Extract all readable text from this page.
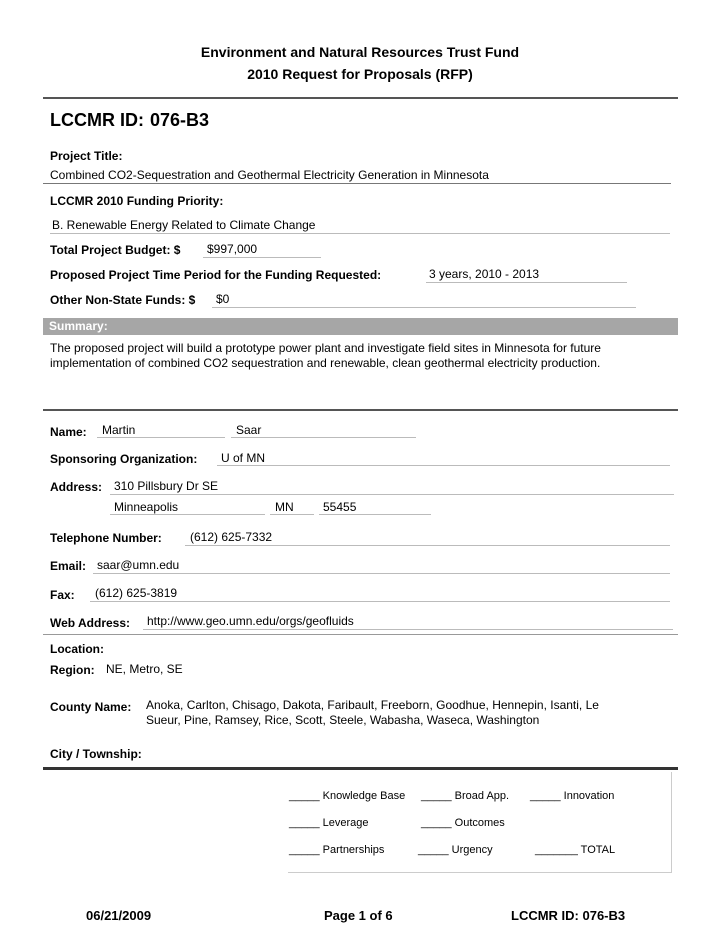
Environment and Natural Resources Trust Fund
2010 Request for Proposals (RFP)
LCCMR ID: 076-B3
Project Title:
Combined CO2-Sequestration and Geothermal Electricity Generation in Minnesota
LCCMR 2010 Funding Priority:
B. Renewable Energy Related to Climate Change
Total Project Budget: $ $997,000
Proposed Project Time Period for the Funding Requested:	3 years, 2010 - 2013
Other Non-State Funds: $ $0
Summary:
The proposed project will build a prototype power plant and investigate field sites in Minnesota for future implementation of combined CO2 sequestration and renewable, clean geothermal electricity production.
Name: Martin	Saar
Sponsoring Organization: U of MN
Address: 310 Pillsbury Dr SE
Minneapolis	MN 55455
Telephone Number: (612) 625-7332
Email: saar@umn.edu
Fax: (612) 625-3819
Web Address: http://www.geo.umn.edu/orgs/geofluids
Location:
Region: NE, Metro, SE
County Name: Anoka, Carlton, Chisago, Dakota, Faribault, Freeborn, Goodhue, Hennepin, Isanti, Le
Sueur, Pine, Ramsey, Rice, Scott, Steele, Wabasha, Waseca, Washington
City / Township:
_____ Knowledge Base _____ Broad App. _____ Innovation
_____ Leverage	_____ Outcomes
_____ Partnerships	_____ Urgency	_______ TOTAL
06/21/2009	Page 1 of 6	LCCMR ID: 076-B3
